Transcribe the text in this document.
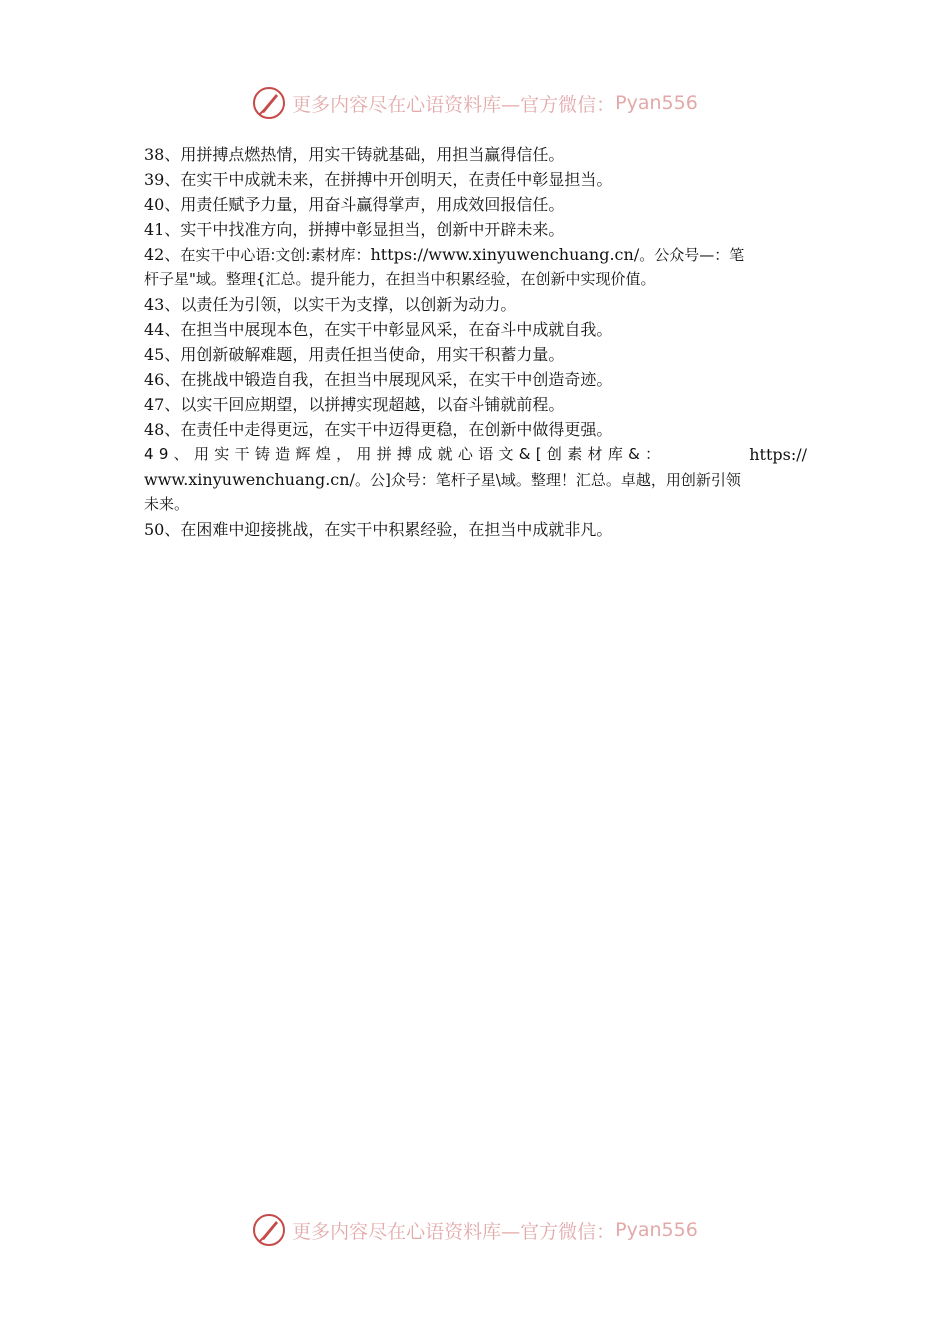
更多内容尽在心语资料库—官方微信： Pyan556
38、用拼搏点燃热情，用实干铸就基础，用担当赢得信任。
39、在实干中成就未来，在拼搏中开创明天，在责任中彰显担当。
40、用责任赋予力量，用奋斗赢得掌声，用成效回报信任。
41、实干中找准方向，拼搏中彰显担当，创新中开辟未来。
42、在实干中心语:文创:素材库：https://www.xinyuwenchuang.cn/。公众号—：笔
杆子星"域。整理{汇总。提升能力，在担当中积累经验，在创新中实现价值。
43、以责任为引领，以实干为支撑，以创新为动力。
44、在担当中展现本色，在实干中彰显风采，在奋斗中成就自我。
45、用创新破解难题，用责任担当使命，用实干积蓄力量。
46、在挑战中锻造自我，在担当中展现风采，在实干中创造奇迹。
47、以实干回应期望，以拼搏实现超越，以奋斗铺就前程。
48、在责任中走得更远，在实干中迈得更稳，在创新中做得更强。
49、用实干铸造辉煌，用拼搏成就心语文&[创素材库&：	https://
www.xinyuwenchuang.cn/。公]众号：笔杆子星\域。整理！汇总。卓越，用创新引领
未来。
50、在困难中迎接挑战，在实干中积累经验，在担当中成就非凡。
更多内容尽在心语资料库—官方微信： Pyan556
